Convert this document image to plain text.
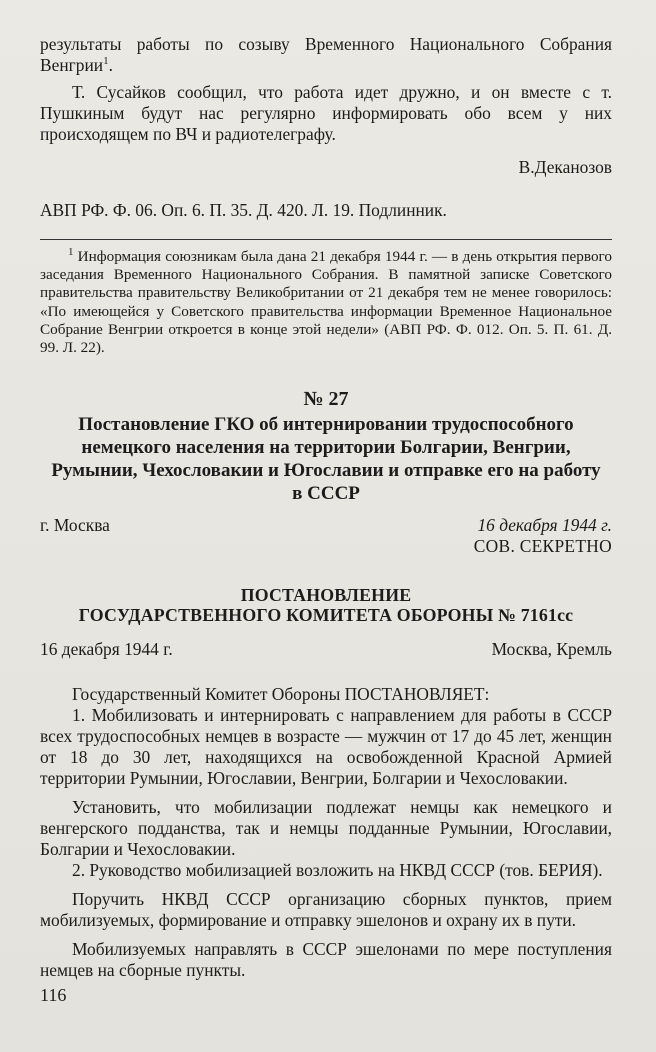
результаты работы по созыву Временного Национального Собрания Венгрии$^1$.

Т. Сусайков сообщил, что работа идет дружно, и он вместе с т. Пушкиным будут нас регулярно информировать обо всем у них происходящем по ВЧ и радиотелеграфу.

В.Деканозов

АВП РФ. Ф. 06. Оп. 6. П. 35. Д. 420. Л. 19. Подлинник.

$^1$ Информация союзникам была дана 21 декабря 1944 г. — в день открытия первого заседания Временного Национального Собрания. В памятной записке Советского правительства правительству Великобритании от 21 декабря тем не менее говорилось: «По имеющейся у Советского правительства информации Временное Национальное Собрание Венгрии откроется в конце этой недели» (АВП РФ. Ф. 012. Оп. 5. П. 61. Д. 99. Л. 22).

№ 27

Постановление ГКО об интернировании трудоспособного немецкого населения на территории Болгарии, Венгрии, Румынии, Чехословакии и Югославии и отправке его на работу в СССР

г. Москва	16 декабря 1944 г.

СОВ. СЕКРЕТНО

ПОСТАНОВЛЕНИЕ
ГОСУДАРСТВЕННОГО КОМИТЕТА ОБОРОНЫ № 7161сс

16 декабря 1944 г.	Москва, Кремль

Государственный Комитет Обороны ПОСТАНОВЛЯЕТ:

1. Мобилизовать и интернировать с направлением для работы в СССР всех трудоспособных немцев в возрасте — мужчин от 17 до 45 лет, женщин от 18 до 30 лет, находящихся на освобожденной Красной Армией территории Румынии, Югославии, Венгрии, Болгарии и Чехословакии.

Установить, что мобилизации подлежат немцы как немецкого и венгерского подданства, так и немцы подданные Румынии, Югославии, Болгарии и Чехословакии.

2. Руководство мобилизацией возложить на НКВД СССР (тов. БЕРИЯ).

Поручить НКВД СССР организацию сборных пунктов, прием мобилизуемых, формирование и отправку эшелонов и охрану их в пути.

Мобилизуемых направлять в СССР эшелонами по мере поступления немцев на сборные пункты.

116
